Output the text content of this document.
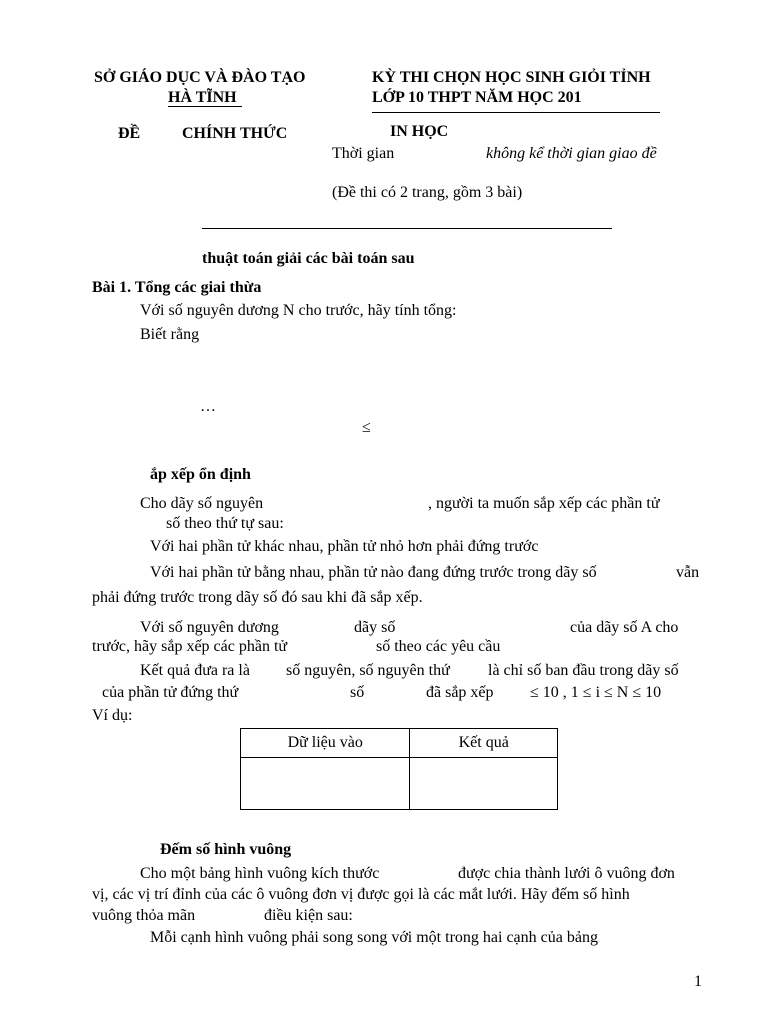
SỞ GIÁO DỤC VÀ ĐÀO TẠO
HÀ TĨNH
KỲ THI CHỌN HỌC SINH GIỎI TỈNH
LỚP 10 THPT NĂM HỌC 201
ĐỀ	CHÍNH THỨC	IN HỌC
Thời gian	không kể thời gian giao đề
(Đề thi có 2 trang, gồm 3 bài)
thuật toán giải các bài toán sau
Bài 1. Tổng các giai thừa
Với số nguyên dương N cho trước, hãy tính tổng:
Biết rằng
…
≤
ắp xếp ổn định
Cho dãy số nguyên	, người ta muốn sắp xếp các phần tử
số theo thứ tự sau:
Với hai phần tử khác nhau, phần tử nhỏ hơn phải đứng trước
Với hai phần tử bằng nhau, phần tử nào đang đứng trước trong dãy số	vẫn
phải đứng trước trong dãy số đó sau khi đã sắp xếp.
Với số nguyên dương	dãy số	của dãy số A cho
trước, hãy sắp xếp các phần tử	số theo các yêu cầu
Kết quả đưa ra là số nguyên, số nguyên thứ là chỉ số ban đầu trong dãy số
của phần tử đứng thứ	số	đã sắp xếp ≤ 10 , 1 ≤ i ≤ N ≤ 10
Ví dụ:
Dữ liệu vào	Kết quả

Đếm số hình vuông
Cho một bảng hình vuông kích thước	được chia thành lưới ô vuông đơn
vị, các vị trí đỉnh của các ô vuông đơn vị được gọi là các mắt lưới. Hãy đếm số hình
vuông thỏa mãn	điều kiện sau:
Mỗi cạnh hình vuông phải song song với một trong hai cạnh của bảng
1
